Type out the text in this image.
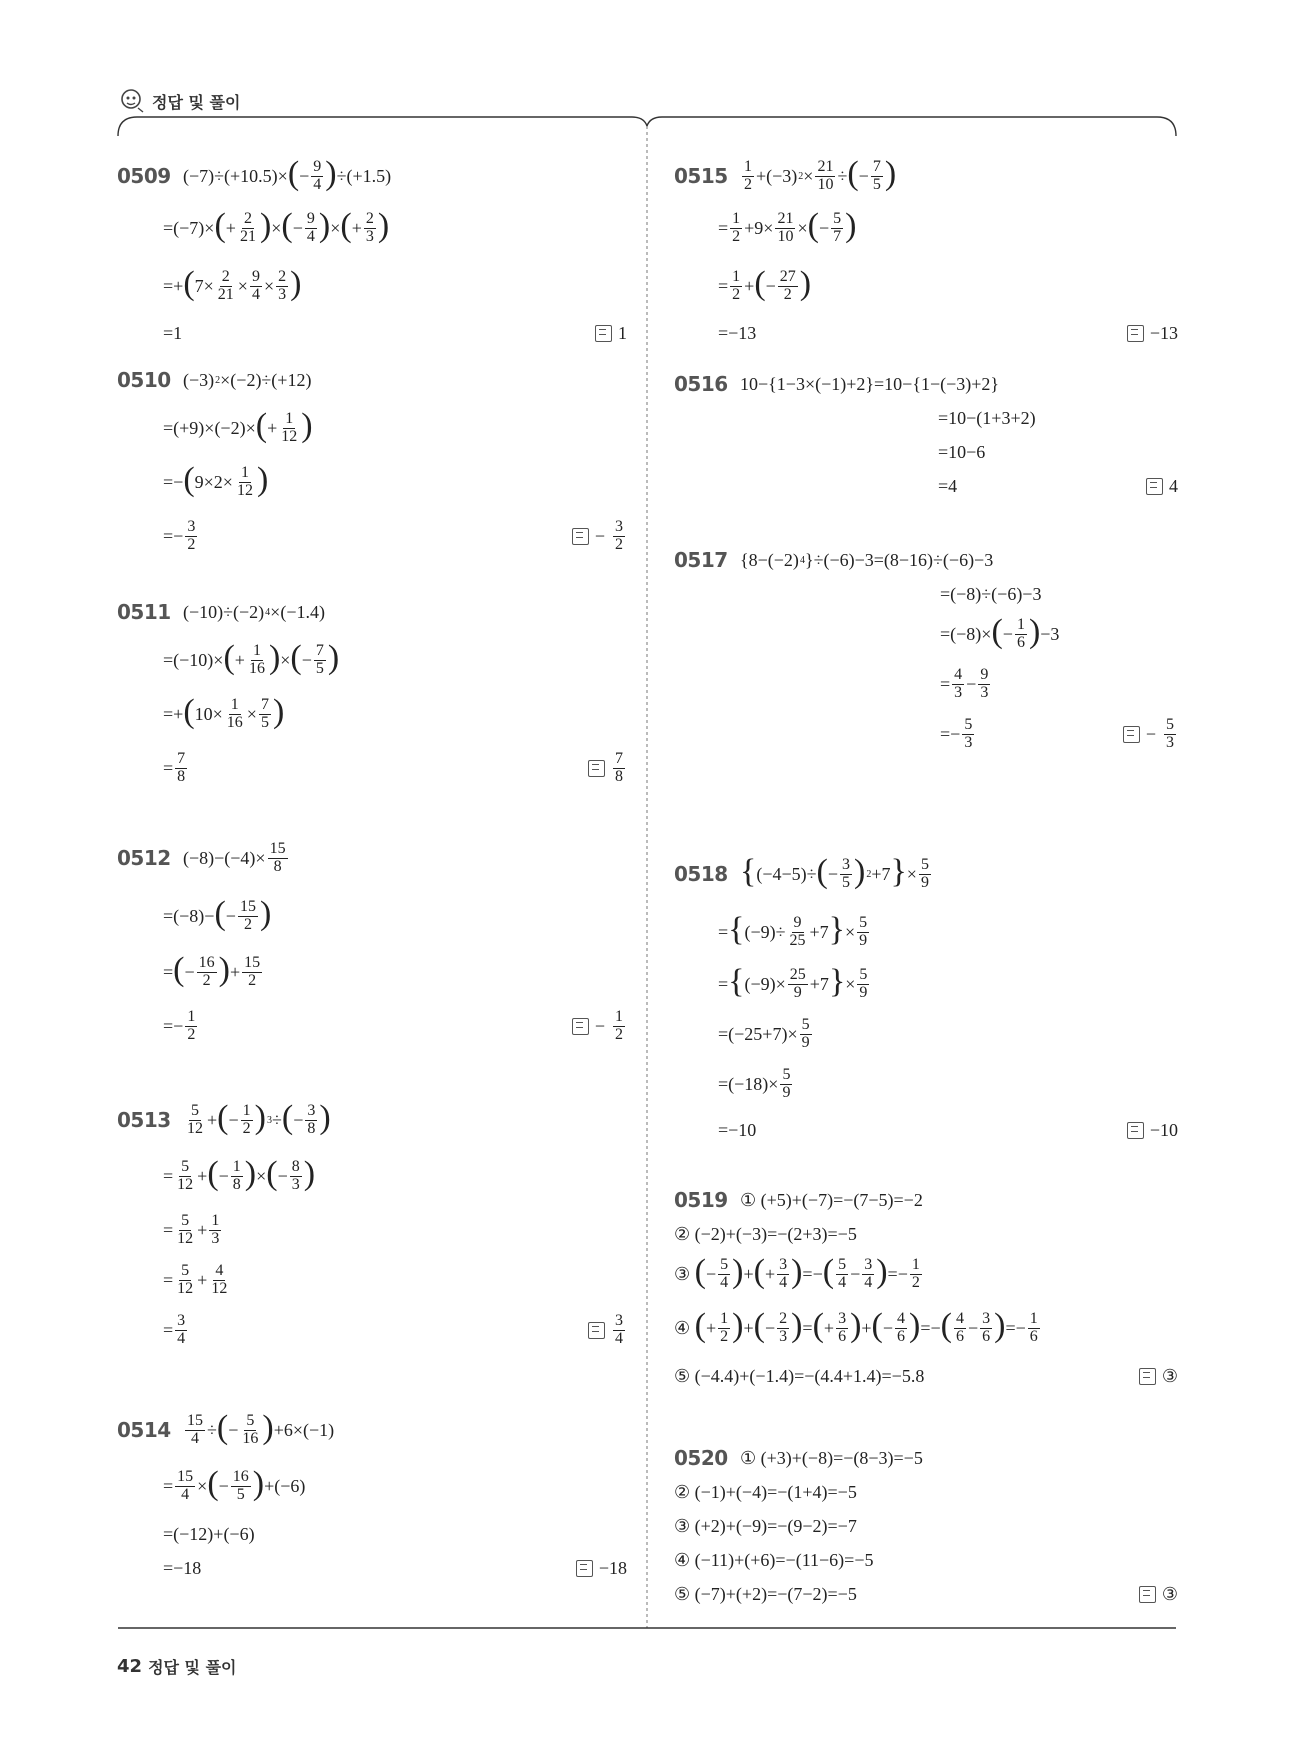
정답 및 풀이
0509 (−7)÷(+10.5)× ( − $\frac{9}{4}$ ) ÷(+1.5)
=(−7)× ( + $\frac{2}{21}$ ) × ( − $\frac{9}{4}$ ) × ( + $\frac{2}{3}$ )
=+ ( $7\times \frac{2}{21} \times \frac{9}{4} \times \frac{2}{3}$ )
=1	1
0510 (−3) 2 ×(−2)÷(+12)
=(+9)×(−2)× ( + $\frac{1}{12}$ )
=− ( $9\times 2\times \frac{1}{12}$ )
=− $\frac{3}{2}$	− $\frac{3}{2}$
0511 (−10)÷(−2) 4 ×(−1.4)
=(−10)× ( + $\frac{1}{16}$ ) × ( − $\frac{7}{5}$ )
=+ ( $10\times \frac{1}{16} \times \frac{7}{5}$ )
= $\frac{7}{8}$	$\frac{7}{8}$
0512 $(-8)-(-4)\times \frac{15}{8}$
=(−8)− ( − $\frac{15}{2}$ )
= ( − $\frac{16}{2}$ ) + $\frac{15}{2}$
=− $\frac{1}{2}$	− $\frac{1}{2}$
$0513 \frac{5}{12}$ + ( − $\frac{1}{2}$ ) 3 ÷ ( − $\frac{3}{8}$ )
= $\frac{5}{12}$ + ( − $\frac{1}{8}$ ) × ( − $\frac{8}{3}$ )
= $\frac{5}{12} + \frac{1}{3}$
= $\frac{5}{12} + \frac{4}{12}$
= $\frac{3}{4}$	$\frac{3}{4}$
$0514 \frac{15}{4}$ ÷ ( − $\frac{5}{16}$ ) +6×(−1)
= $\frac{15}{4}$ × ( − $\frac{16}{5}$ ) +(−6)
=(−12)+(−6)
=−18	−18
$0515 \frac{1}{2} +(-3) 2 \times \frac{21}{10}$ ÷ ( − $\frac{7}{5}$ )
= $\frac{1}{2} +9\times \frac{21}{10}$ × ( − $\frac{5}{7}$ )
= $\frac{1}{2}$ + ( − $\frac{27}{2}$ )
=−13	−13
0516 10−{1−3×(−1)+2}=10−{1−(−3)+2}
=10−(1+3+2)
=10−6
=4	4
0517 {8−(−2) 4 }÷(−6)−3=(8−16)÷(−6)−3
=(−8)÷(−6)−3
=(−8)× ( − $\frac{1}{6}$ ) −3
= $\frac{4}{3} - \frac{9}{3}$
=− $\frac{5}{3}$	− $\frac{5}{3}$
0518 { (−4−5)÷ ( − $\frac{3}{5}$ ) 2 +7 } × $\frac{5}{9}$
= { $(-9)\div \frac{9}{25} +7$ } × $\frac{5}{9}$
= { $(-9)\times \frac{25}{9} +7$ } × $\frac{5}{9}$
$=(-25+7)\times \frac{5}{9}$
$=(-18)\times \frac{5}{9}$
=−10	−10
0519 ①
(+5)+(−7)=−(7−5)=−2
②
(−2)+(−3)=−(2+3)=−5
③
( − $\frac{5}{4}$ ) + ( + $\frac{3}{4}$ ) =− ( $\frac{5}{4} - \frac{3}{4}$ ) =− $\frac{1}{2}$
④
( + $\frac{1}{2}$ ) + ( − $\frac{2}{3}$ ) = ( + $\frac{3}{6}$ ) + ( − $\frac{4}{6}$ ) =− ( $\frac{4}{6} - \frac{3}{6}$ ) =− $\frac{1}{6}$
⑤
(−4.4)+(−1.4)=−(4.4+1.4)=−5.8	③
0520 ①
(+3)+(−8)=−(8−3)=−5
②
(−1)+(−4)=−(1+4)=−5
③
(+2)+(−9)=−(9−2)=−7
④
(−11)+(+6)=−(11−6)=−5
⑤
(−7)+(+2)=−(7−2)=−5	③
42 정답 및 풀이
